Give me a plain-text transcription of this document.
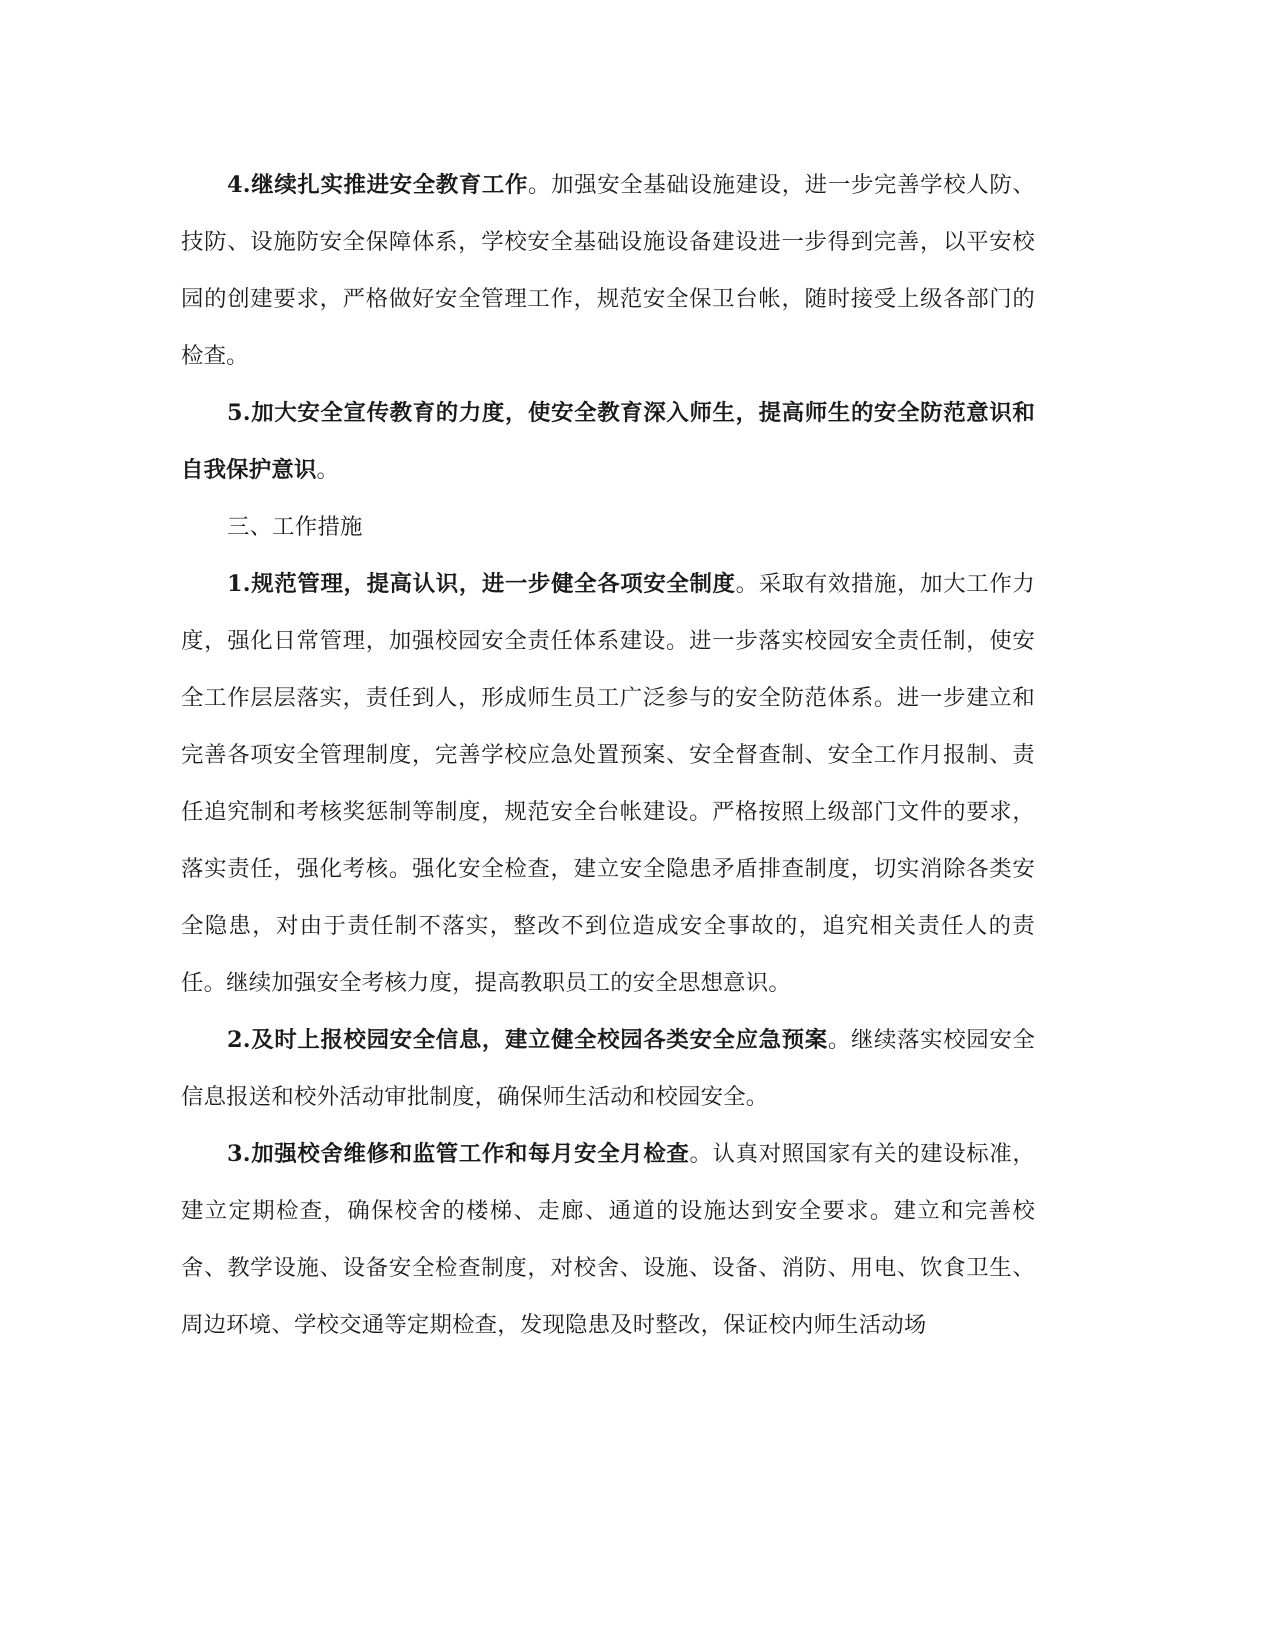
4.继续扎实推进安全教育工作。加强安全基础设施建设，进一步完善学校人防、技防、设施防安全保障体系，学校安全基础设施设备建设进一步得到完善，以平安校园的创建要求，严格做好安全管理工作，规范安全保卫台帐，随时接受上级各部门的检查。

5.加大安全宣传教育的力度，使安全教育深入师生，提高师生的安全防范意识和自我保护意识。

三、工作措施

1.规范管理，提高认识，进一步健全各项安全制度。采取有效措施，加大工作力度，强化日常管理，加强校园安全责任体系建设。进一步落实校园安全责任制，使安全工作层层落实，责任到人，形成师生员工广泛参与的安全防范体系。进一步建立和完善各项安全管理制度，完善学校应急处置预案、安全督查制、安全工作月报制、责任追究制和考核奖惩制等制度，规范安全台帐建设。严格按照上级部门文件的要求，落实责任，强化考核。强化安全检查，建立安全隐患矛盾排查制度，切实消除各类安全隐患，对由于责任制不落实，整改不到位造成安全事故的，追究相关责任人的责任。继续加强安全考核力度，提高教职员工的安全思想意识。

2.及时上报校园安全信息，建立健全校园各类安全应急预案。继续落实校园安全信息报送和校外活动审批制度，确保师生活动和校园安全。

3.加强校舍维修和监管工作和每月安全月检查。认真对照国家有关的建设标准，建立定期检查，确保校舍的楼梯、走廊、通道的设施达到安全要求。建立和完善校舍、教学设施、设备安全检查制度，对校舍、设施、设备、消防、用电、饮食卫生、周边环境、学校交通等定期检查，发现隐患及时整改，保证校内师生活动场
